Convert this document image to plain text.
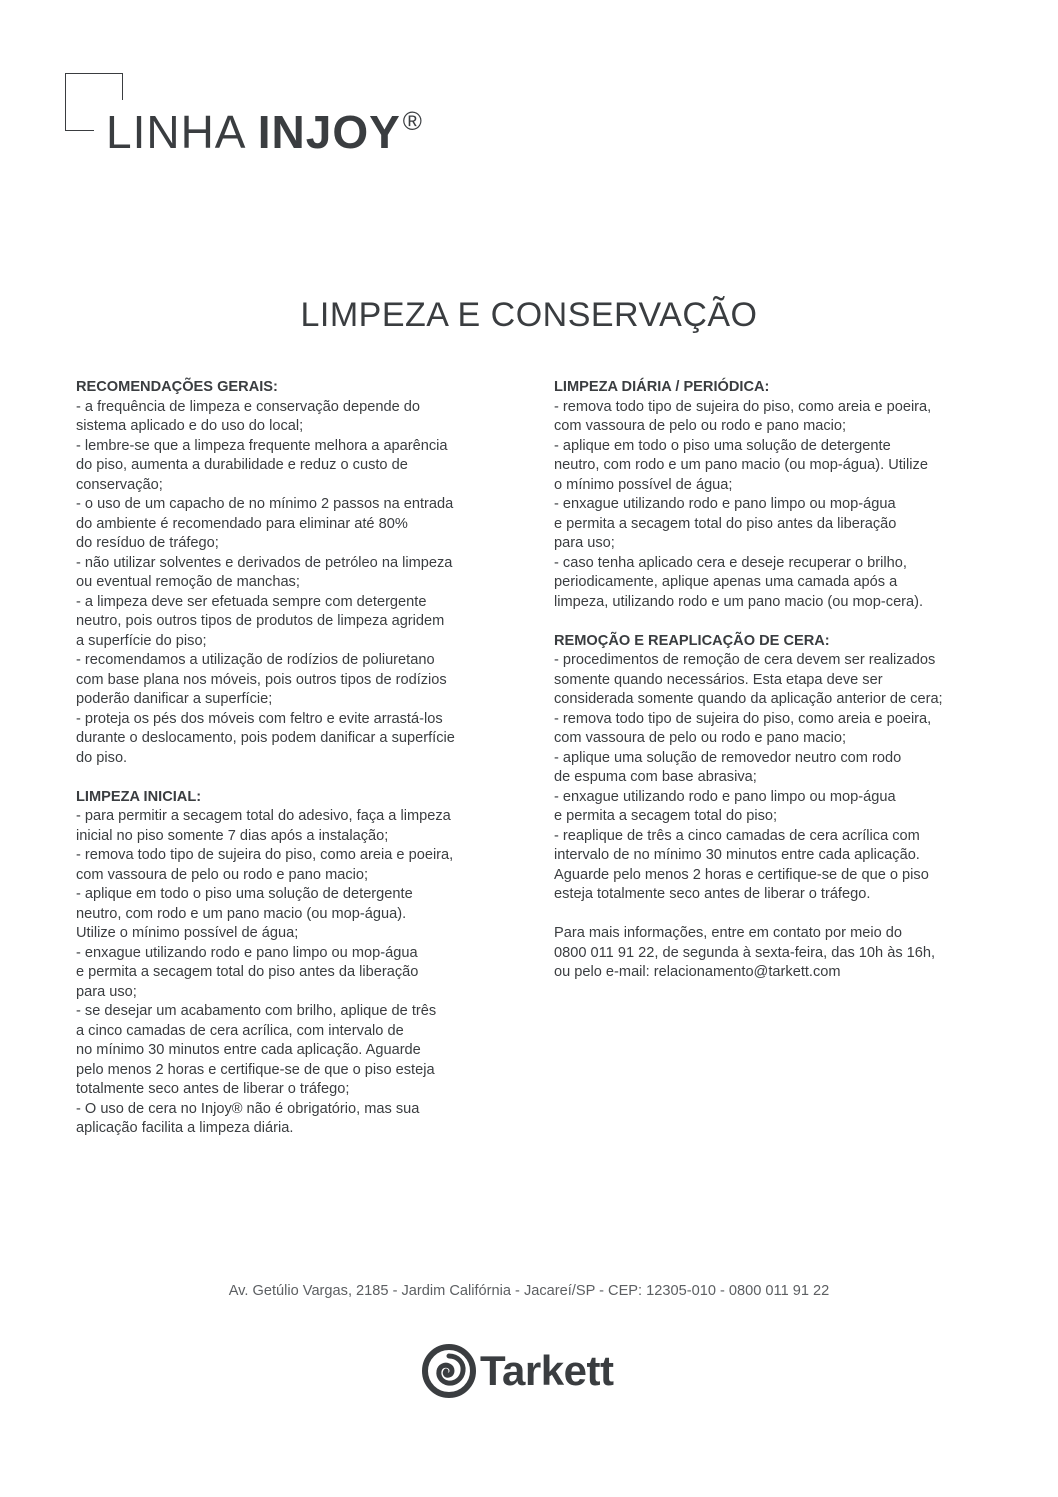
LINHA INJOY®
LIMPEZA E CONSERVAÇÃO
RECOMENDAÇÕES GERAIS:
- a frequência de limpeza e conservação depende do
sistema aplicado e do uso do local;
- lembre-se que a limpeza frequente melhora a aparência
do piso, aumenta a durabilidade e reduz o custo de
conservação;
- o uso de um capacho de no mínimo 2 passos na entrada
do ambiente é recomendado para eliminar até 80%
do resíduo de tráfego;
- não utilizar solventes e derivados de petróleo na limpeza
ou eventual remoção de manchas;
- a limpeza deve ser efetuada sempre com detergente
neutro, pois outros tipos de produtos de limpeza agridem
a superfície do piso;
- recomendamos a utilização de rodízios de poliuretano
com base plana nos móveis, pois outros tipos de rodízios
poderão danificar a superfície;
- proteja os pés dos móveis com feltro e evite arrastá-los
durante o deslocamento, pois podem danificar a superfície
do piso.
LIMPEZA INICIAL:
- para permitir a secagem total do adesivo, faça a limpeza
inicial no piso somente 7 dias após a instalação;
- remova todo tipo de sujeira do piso, como areia e poeira,
com vassoura de pelo ou rodo e pano macio;
- aplique em todo o piso uma solução de detergente
neutro, com rodo e um pano macio (ou mop-água).
Utilize o mínimo possível de água;
- enxague utilizando rodo e pano limpo ou mop-água
e permita a secagem total do piso antes da liberação
para uso;
- se desejar um acabamento com brilho, aplique de três
a cinco camadas de cera acrílica, com intervalo de
no mínimo 30 minutos entre cada aplicação. Aguarde
pelo menos 2 horas e certifique-se de que o piso esteja
totalmente seco antes de liberar o tráfego;
- O uso de cera no Injoy® não é obrigatório, mas sua
aplicação facilita a limpeza diária.
LIMPEZA DIÁRIA / PERIÓDICA:
- remova todo tipo de sujeira do piso, como areia e poeira,
com vassoura de pelo ou rodo e pano macio;
- aplique em todo o piso uma solução de detergente
neutro, com rodo e um pano macio (ou mop-água). Utilize
o mínimo possível de água;
- enxague utilizando rodo e pano limpo ou mop-água
e permita a secagem total do piso antes da liberação
para uso;
- caso tenha aplicado cera e deseje recuperar o brilho,
periodicamente, aplique apenas uma camada após a
limpeza, utilizando rodo e um pano macio (ou mop-cera).
REMOÇÃO E REAPLICAÇÃO DE CERA:
- procedimentos de remoção de cera devem ser realizados
somente quando necessários. Esta etapa deve ser
considerada somente quando da aplicação anterior de cera;
- remova todo tipo de sujeira do piso, como areia e poeira,
com vassoura de pelo ou rodo e pano macio;
- aplique uma solução de removedor neutro com rodo
de espuma com base abrasiva;
- enxague utilizando rodo e pano limpo ou mop-água
e permita a secagem total do piso;
- reaplique de três a cinco camadas de cera acrílica com
intervalo de no mínimo 30 minutos entre cada aplicação.
Aguarde pelo menos 2 horas e certifique-se de que o piso
esteja totalmente seco antes de liberar o tráfego.
Para mais informações, entre em contato por meio do
0800 011 91 22, de segunda à sexta-feira, das 10h às 16h,
ou pelo e-mail: relacionamento@tarkett.com
Av. Getúlio Vargas, 2185 - Jardim Califórnia - Jacareí/SP - CEP: 12305-010 - 0800 011 91 22
Tarkett
